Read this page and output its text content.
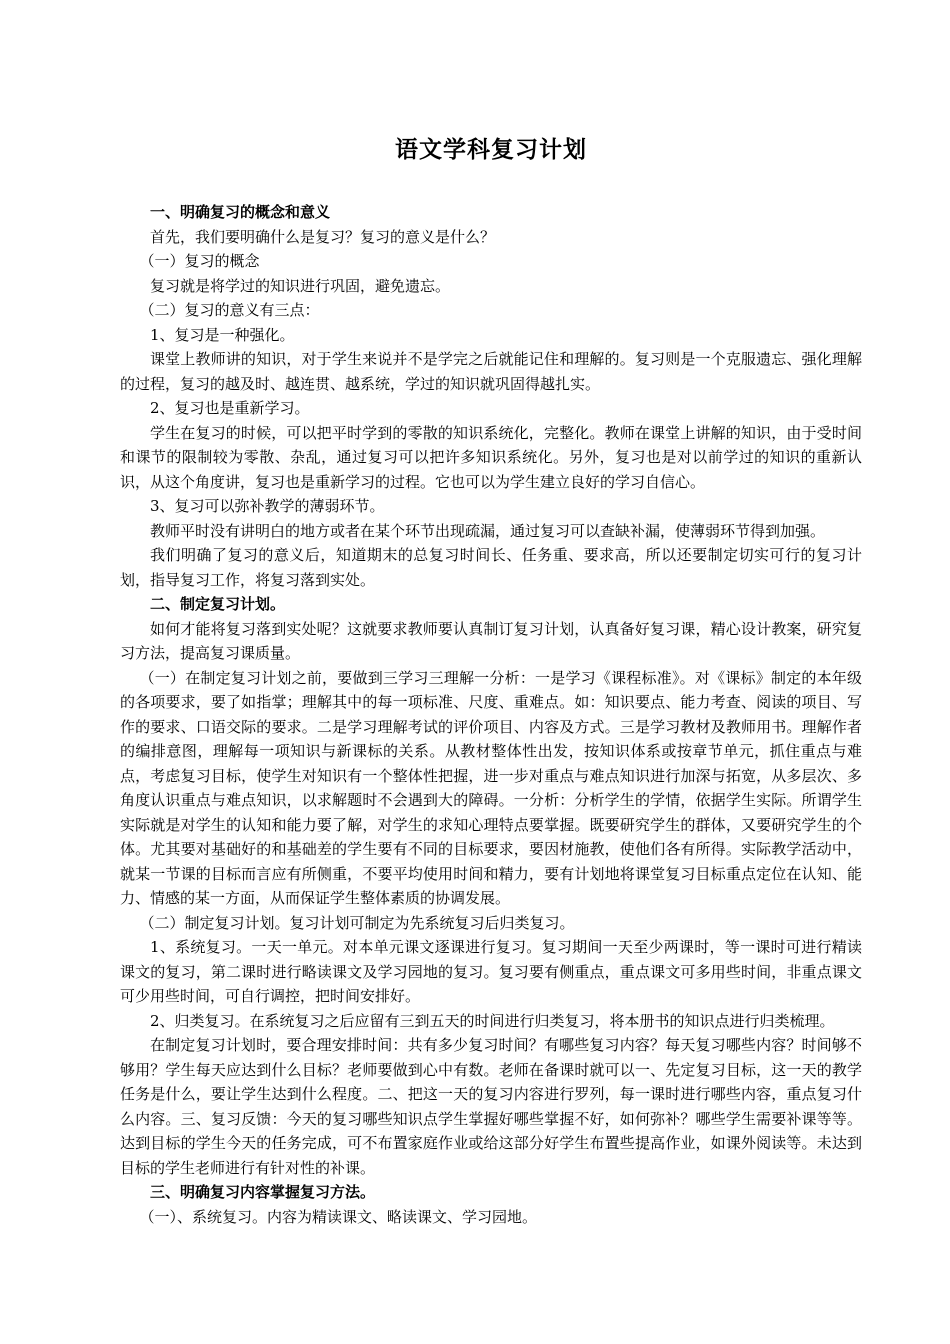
语文学科复习计划

一、明确复习的概念和意义

首先，我们要明确什么是复习？复习的意义是什么？

（一）复习的概念

复习就是将学过的知识进行巩固，避免遗忘。

（二）复习的意义有三点：

1、复习是一种强化。

课堂上教师讲的知识，对于学生来说并不是学完之后就能记住和理解的。复习则是一个克服遗忘、强化理解的过程，复习的越及时、越连贯、越系统，学过的知识就巩固得越扎实。

2、复习也是重新学习。

学生在复习的时候，可以把平时学到的零散的知识系统化，完整化。教师在课堂上讲解的知识，由于受时间和课节的限制较为零散、杂乱，通过复习可以把许多知识系统化。另外，复习也是对以前学过的知识的重新认识，从这个角度讲，复习也是重新学习的过程。它也可以为学生建立良好的学习自信心。

3、复习可以弥补教学的薄弱环节。

教师平时没有讲明白的地方或者在某个环节出现疏漏，通过复习可以查缺补漏，使薄弱环节得到加强。

我们明确了复习的意义后，知道期末的总复习时间长、任务重、要求高，所以还要制定切实可行的复习计划，指导复习工作，将复习落到实处。

二、制定复习计划。

如何才能将复习落到实处呢？这就要求教师要认真制订复习计划，认真备好复习课，精心设计教案，研究复习方法，提高复习课质量。

（一）在制定复习计划之前，要做到三学习三理解一分析：一是学习《课程标准》。对《课标》制定的本年级的各项要求，要了如指掌；理解其中的每一项标准、尺度、重难点。如：知识要点、能力考查、阅读的项目、写作的要求、口语交际的要求。二是学习理解考试的评价项目、内容及方式。三是学习教材及教师用书。理解作者的编排意图，理解每一项知识与新课标的关系。从教材整体性出发，按知识体系或按章节单元，抓住重点与难点，考虑复习目标，使学生对知识有一个整体性把握，进一步对重点与难点知识进行加深与拓宽，从多层次、多角度认识重点与难点知识，以求解题时不会遇到大的障碍。一分析：分析学生的学情，依据学生实际。所谓学生实际就是对学生的认知和能力要了解，对学生的求知心理特点要掌握。既要研究学生的群体，又要研究学生的个体。尤其要对基础好的和基础差的学生要有不同的目标要求，要因材施教，使他们各有所得。实际教学活动中，就某一节课的目标而言应有所侧重，不要平均使用时间和精力，要有计划地将课堂复习目标重点定位在认知、能力、情感的某一方面，从而保证学生整体素质的协调发展。

（二）制定复习计划。复习计划可制定为先系统复习后归类复习。

1、系统复习。一天一单元。对本单元课文逐课进行复习。复习期间一天至少两课时，等一课时可进行精读课文的复习，第二课时进行略读课文及学习园地的复习。复习要有侧重点，重点课文可多用些时间，非重点课文可少用些时间，可自行调控，把时间安排好。

2、归类复习。在系统复习之后应留有三到五天的时间进行归类复习，将本册书的知识点进行归类梳理。

在制定复习计划时，要合理安排时间：共有多少复习时间？有哪些复习内容？每天复习哪些内容？时间够不够用？学生每天应达到什么目标？老师要做到心中有数。老师在备课时就可以一、先定复习目标，这一天的教学任务是什么，要让学生达到什么程度。二、把这一天的复习内容进行罗列，每一课时进行哪些内容，重点复习什么内容。三、复习反馈：今天的复习哪些知识点学生掌握好哪些掌握不好，如何弥补？哪些学生需要补课等等。达到目标的学生今天的任务完成，可不布置家庭作业或给这部分好学生布置些提高作业，如课外阅读等。未达到目标的学生老师进行有针对性的补课。

三、明确复习内容掌握复习方法。

（一）、系统复习。内容为精读课文、略读课文、学习园地。
